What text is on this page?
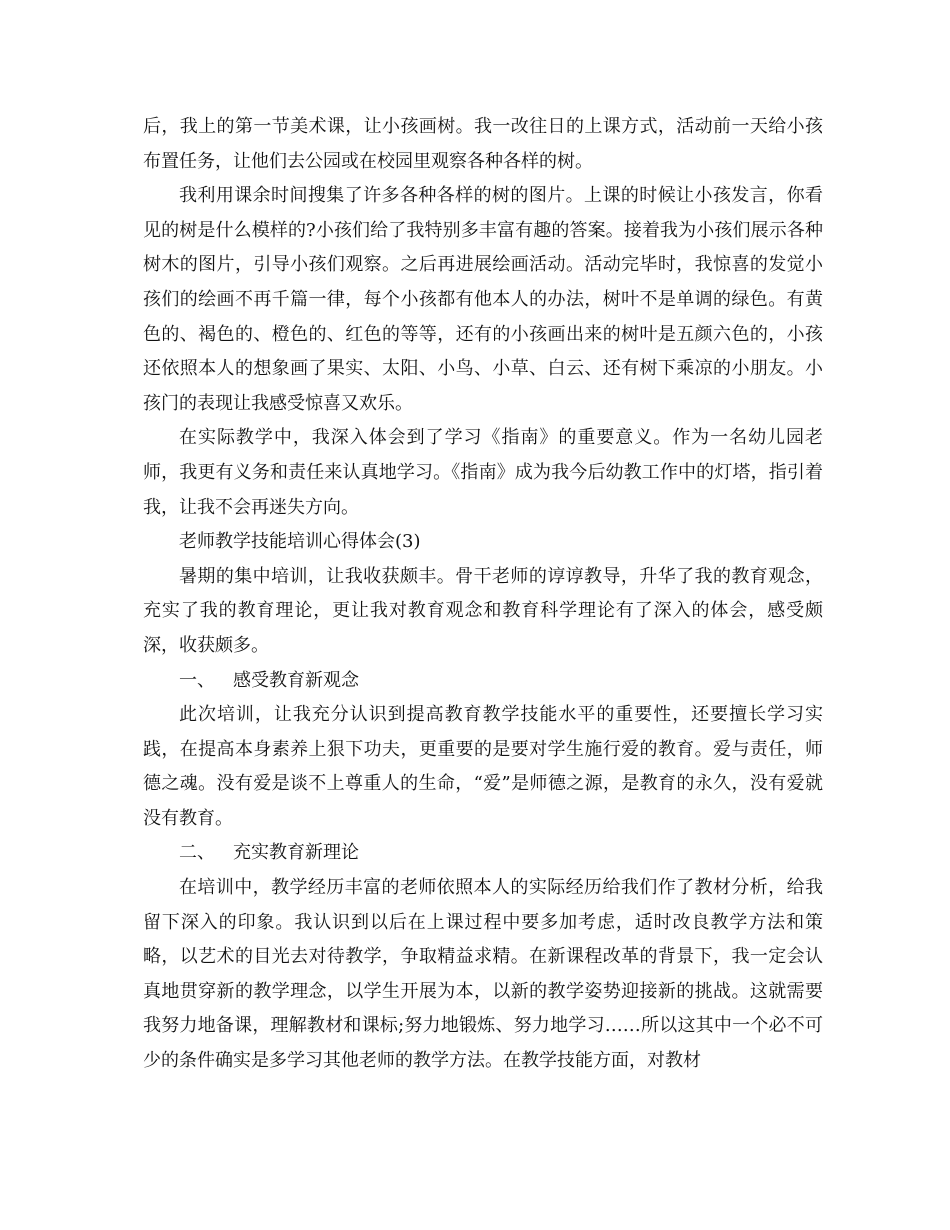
后，我上的第一节美术课，让小孩画树。我一改往日的上课方式，活动前一天给小孩布置任务，让他们去公园或在校园里观察各种各样的树。

我利用课余时间搜集了许多各种各样的树的图片。上课的时候让小孩发言，你看见的树是什么模样的?小孩们给了我特别多丰富有趣的答案。接着我为小孩们展示各种树木的图片，引导小孩们观察。之后再进展绘画活动。活动完毕时，我惊喜的发觉小孩们的绘画不再千篇一律，每个小孩都有他本人的办法，树叶不是单调的绿色。有黄色的、褐色的、橙色的、红色的等等，还有的小孩画出来的树叶是五颜六色的，小孩还依照本人的想象画了果实、太阳、小鸟、小草、白云、还有树下乘凉的小朋友。小孩门的表现让我感受惊喜又欢乐。

在实际教学中，我深入体会到了学习《指南》的重要意义。作为一名幼儿园老师，我更有义务和责任来认真地学习。《指南》成为我今后幼教工作中的灯塔，指引着我，让我不会再迷失方向。

老师教学技能培训心得体会(3)

暑期的集中培训，让我收获颇丰。骨干老师的谆谆教导，升华了我的教育观念，充实了我的教育理论，更让我对教育观念和教育科学理论有了深入的体会，感受颇深，收获颇多。

一、 感受教育新观念

此次培训，让我充分认识到提高教育教学技能水平的重要性，还要擅长学习实践，在提高本身素养上狠下功夫，更重要的是要对学生施行爱的教育。爱与责任，师德之魂。没有爱是谈不上尊重人的生命，“爱”是师德之源，是教育的永久，没有爱就没有教育。

二、 充实教育新理论

在培训中，教学经历丰富的老师依照本人的实际经历给我们作了教材分析，给我留下深入的印象。我认识到以后在上课过程中要多加考虑，适时改良教学方法和策略，以艺术的目光去对待教学，争取精益求精。在新课程改革的背景下，我一定会认真地贯穿新的教学理念，以学生开展为本，以新的教学姿势迎接新的挑战。这就需要我努力地备课，理解教材和课标;努力地锻炼、努力地学习……所以这其中一个必不可少的条件确实是多学习其他老师的教学方法。在教学技能方面，对教材
